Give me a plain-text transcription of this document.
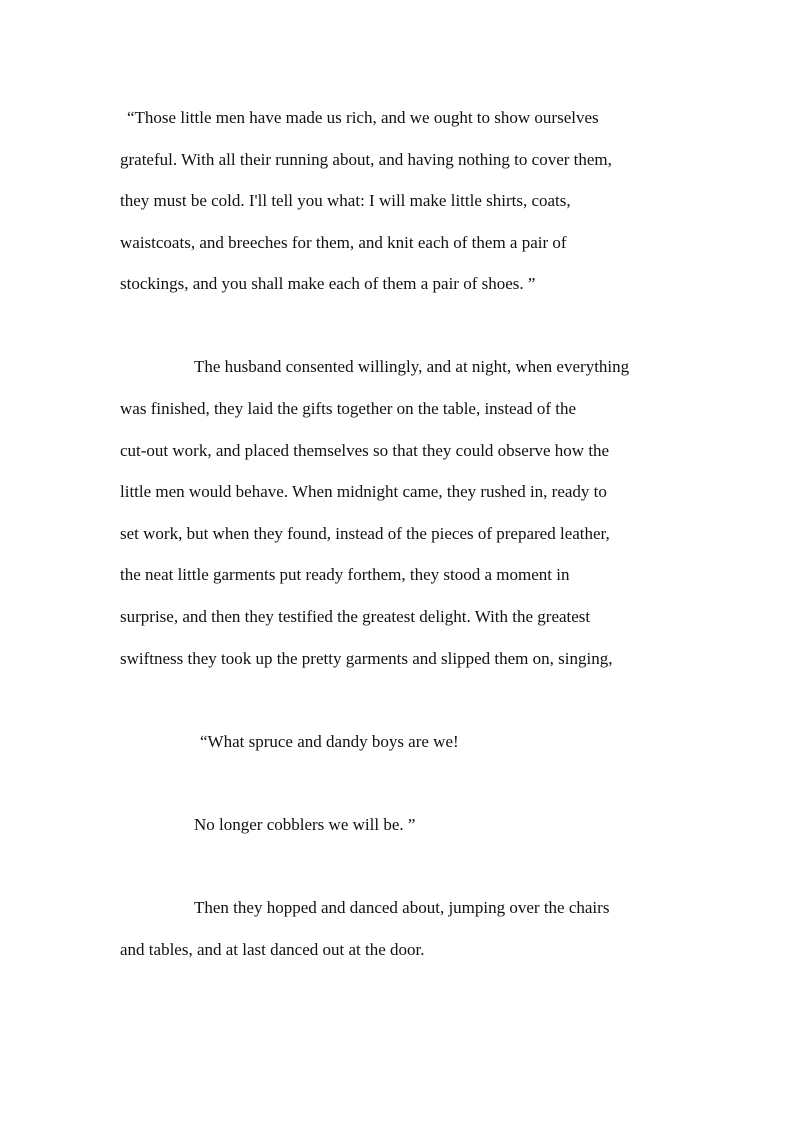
“Those little men have made us rich, and we ought to show ourselves

grateful. With all their running about, and having nothing to cover them,

they must be cold. I'll tell you what: I will make little shirts, coats,

waistcoats, and breeches for them, and knit each of them a pair of

stockings, and you shall make each of them a pair of shoes. ”

The husband consented willingly, and at night, when everything

was finished, they laid the gifts together on the table, instead of the

cut-out work, and placed themselves so that they could observe how the

little men would behave. When midnight came, they rushed in, ready to

set work, but when they found, instead of the pieces of prepared leather,

the neat little garments put ready forthem, they stood a moment in

surprise, and then they testified the greatest delight. With the greatest

swiftness they took up the pretty garments and slipped them on, singing,

“What spruce and dandy boys are we!

No longer cobblers we will be. ”

Then they hopped and danced about, jumping over the chairs

and tables, and at last danced out at the door.
